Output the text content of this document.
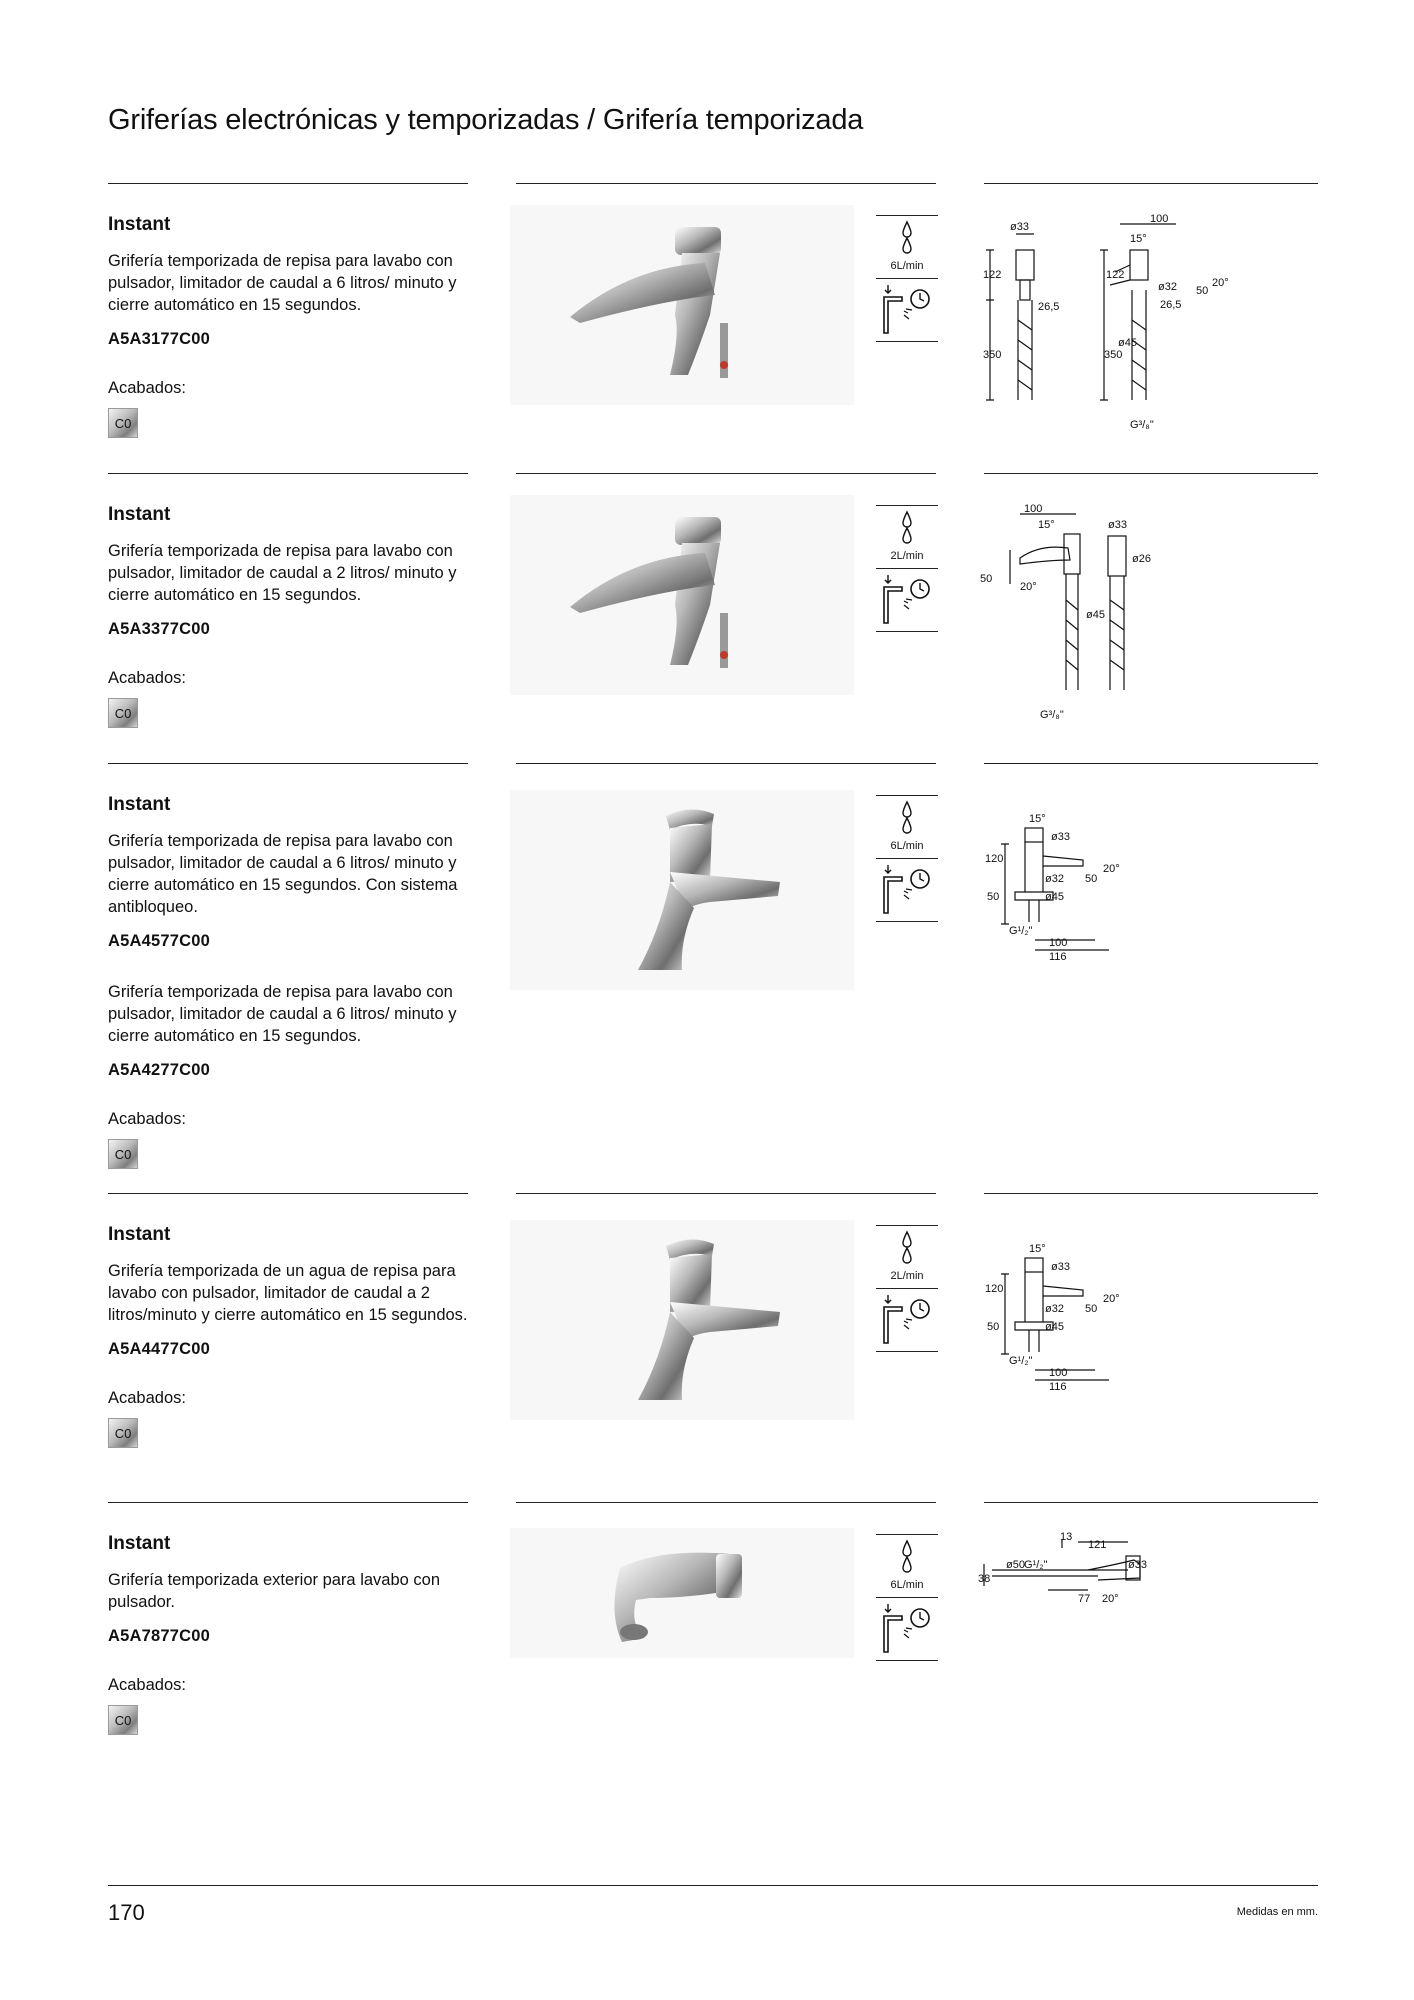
Griferías electrónicas y temporizadas / Grifería temporizada

Instant

Grifería temporizada de repisa para lavabo con pulsador, limitador de caudal a 6 litros/ minuto y cierre automático en 15 segundos.

A5A3177C00

Acabados:

C0
6L/min
ø33
122
26,5
350
100
15°
122
ø32 50
20°
26,5
ø45
350
G³/₈"

Instant

Grifería temporizada de repisa para lavabo con pulsador, limitador de caudal a 2 litros/ minuto y cierre automático en 15 segundos.

A5A3377C00

Acabados:

C0
2L/min
100
15°
50
20°
G³/₈"
ø33
ø26
ø45

Instant

Grifería temporizada de repisa para lavabo con pulsador, limitador de caudal a 6 litros/ minuto y cierre automático en 15 segundos. Con sistema antibloqueo.

A5A4577C00

Grifería temporizada de repisa para lavabo con pulsador, limitador de caudal a 6 litros/ minuto y cierre automático en 15 segundos.

A5A4277C00

Acabados:

C0
6L/min
15°
ø33
120
ø32 50
20°
ø45
50
G¹/₂"
100
116

Instant

Grifería temporizada de un agua de repisa para lavabo con pulsador, limitador de caudal a 2 litros/minuto y cierre automático en 15 segundos.

A5A4477C00

Acabados:

C0
2L/min
15°
ø33
120
ø32 50
20°
ø45
50
G¹/₂"
100
116

Instant

Grifería temporizada exterior para lavabo con pulsador.

A5A7877C00

Acabados:

C0
6L/min
13
121
ø50 G¹/₂"	ø33
38
77 20°

170	Medidas en mm.
